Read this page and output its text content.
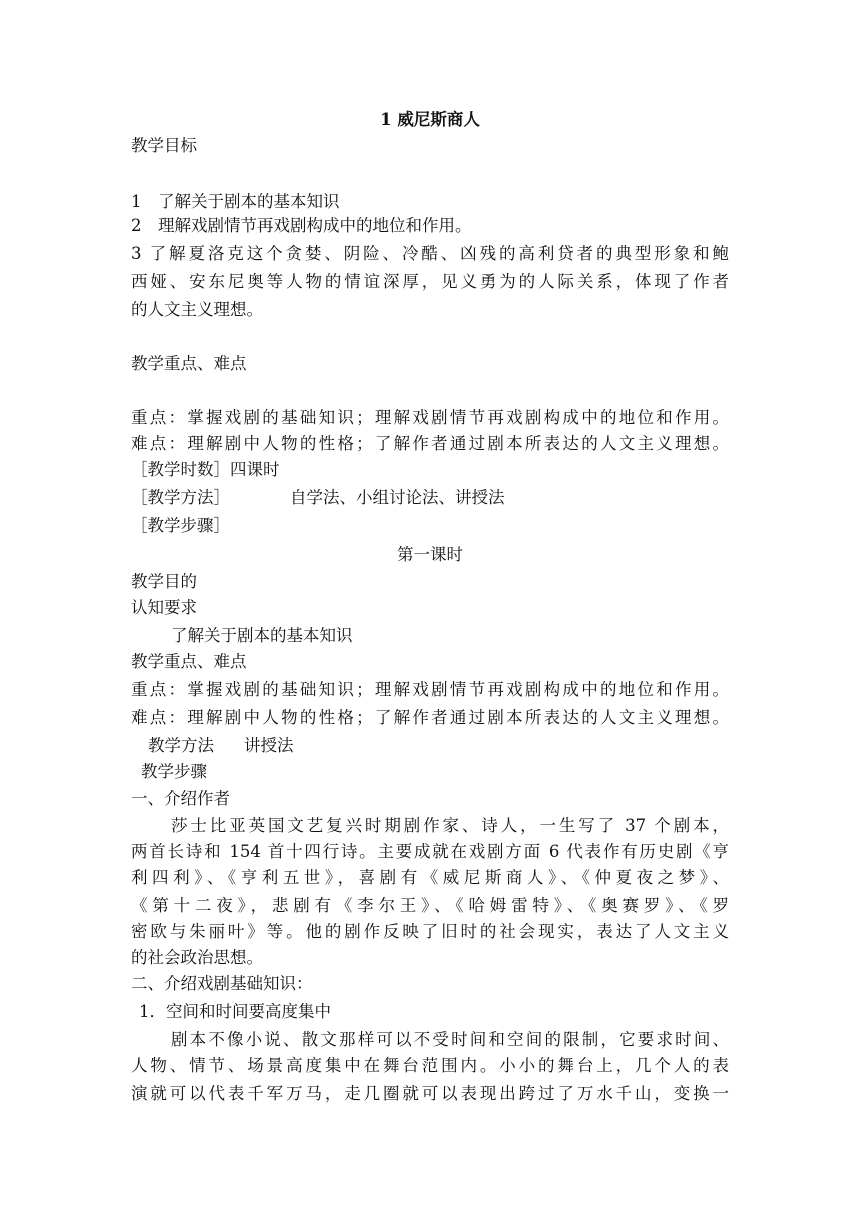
1 威尼斯商人

教学目标

1　了解关于剧本的基本知识

2　理解戏剧情节再戏剧构成中的地位和作用。

3 了解夏洛克这个贪婪、阴险、冷酷、凶残的高利贷者的典型形象和鲍

西娅、安东尼奥等人物的情谊深厚，见义勇为的人际关系，体现了作者

的人文主义理想。

教学重点、难点

重点：掌握戏剧的基础知识；理解戏剧情节再戏剧构成中的地位和作用。

难点：理解剧中人物的性格；了解作者通过剧本所表达的人文主义理想。

［教学时数］四课时

［教学方法］	自学法、小组讨论法、讲授法

［教学步骤］

第一课时

教学目的

认知要求

了解关于剧本的基本知识

教学重点、难点

重点：掌握戏剧的基础知识；理解戏剧情节再戏剧构成中的地位和作用。

难点：理解剧中人物的性格；了解作者通过剧本所表达的人文主义理想。

教学方法 讲授法

教学步骤

一、介绍作者

莎士比亚英国文艺复兴时期剧作家、诗人，一生写了 37 个剧本，

两首长诗和 154 首十四行诗。主要成就在戏剧方面 6 代表作有历史剧《亨

利四利》、《亨利五世》，喜剧有《威尼斯商人》、《仲夏夜之梦》、

《第十二夜》，悲剧有《李尔王》、《哈姆雷特》、《奥赛罗》、《罗

密欧与朱丽叶》等。他的剧作反映了旧时的社会现实，表达了人文主义

的社会政治思想。

二、介绍戏剧基础知识：

1．空间和时间要高度集中

剧本不像小说、散文那样可以不受时间和空间的限制，它要求时间、

人物、情节、场景高度集中在舞台范围内。小小的舞台上，几个人的表

演就可以代表千军万马，走几圈就可以表现出跨过了万水千山，变换一
